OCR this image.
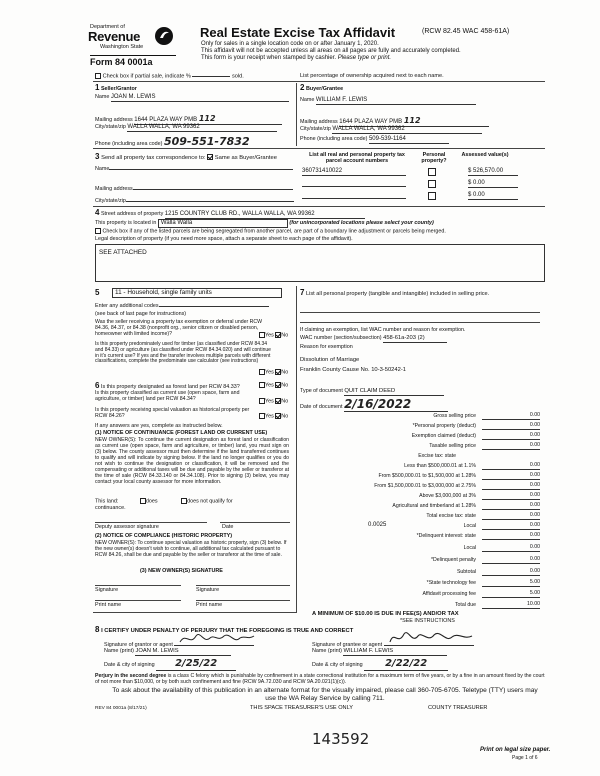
Department of
Revenue
Washington State
Form 84 0001a
Real Estate Excise Tax Affidavit	(RCW 82.45 WAC 458-61A)
Only for sales in a single location code on or after January 1, 2020.
This affidavit will not be accepted unless all areas on all pages are fully and accurately completed.
This form is your receipt when stamped by cashier. Please type or print.
Check box if partial sale, indicate %	sold.	List percentage of ownership acquired next to each name.
1 Seller/Grantor
Name JOAN M. LEWIS
Mailing address 1644 PLAZA WAY PMB 112
City/state/zip WALLA WALLA, WA 99362
Phone (including area code) 509-551-7832
2 Buyer/Grantee
Name WILLIAM F. LEWIS
Mailing address 1644 PLAZA WAY PMB 112
City/state/zip WALLA WALLA, WA 99362
Phone (including area code) 509-539-1164
3 Send all property tax correspondence to: Same as Buyer/Grantee
Name
Mailing address
City/state/zip
List all real and personal property tax parcel account numbers
Personal property?
Assessed value(s)
360731410022	$ 526,570.00
$ 0.00
$ 0.00
4 Street address of property 1215 COUNTRY CLUB RD., WALLA WALLA, WA 99362
This property is located in Walla Walla	(for unincorporated locations please select your county)
Check box if any of the listed parcels are being segregated from another parcel, are part of a boundary line adjustment or parcels being merged.
Legal description of property (if you need more space, attach a separate sheet to each page of the affidavit).
SEE ATTACHED
5	11 - Household, single family units
Enter any additional codes
(see back of last page for instructions)
Was the seller receiving a property tax exemption or deferral under RCW 84.36, 84.37, or 84.38 (nonprofit org., senior citizen or disabled person, homeowner with limited income)?	Yes No
Is this property predominately used for timber (as classified under RCW 84.34 and 84.33) or agriculture (as classified under RCW 84.34.020) and will continue in it's current use? If yes and the transfer involves multiple parcels with different classifications, complete the predominate use calculator (see instructions)
Yes No
6 Is this property designated as forest land per RCW 84.33?	Yes No
Is this property classified as current use (open space, farm and agriculture, or timber) land per RCW 84.34?	Yes No
Is this property receiving special valuation as historical property per RCW 84.26?	Yes No
If any answers are yes, complete as instructed below.
(1) NOTICE OF CONTINUANCE (FOREST LAND OR CURRENT USE)
NEW OWNER(S): To continue the current designation as forest land or classification as current use (open space, farm and agriculture, or timber) land, you must sign on (3) below. The county assessor must then determine if the land transferred continues to qualify and will indicate by signing below. If the land no longer qualifies or you do not wish to continue the designation or classification, it will be removed and the compensating or additional taxes will be due and payable by the seller or transferor at the time of sale (RCW 84.33.140 or 84.34.108). Prior to signing (3) below, you may contact your local county assessor for more information.
This land:	does	does not qualify for
continuance.
Deputy assessor signature	Date
(2) NOTICE OF COMPLIANCE (HISTORIC PROPERTY)
NEW OWNER(S): To continue special valuation as historic property, sign (3) below. If the new owner(s) doesn't wish to continue, all additional tax calculated pursuant to RCW 84.26, shall be due and payable by the seller or transferor at the time of sale.
(3) NEW OWNER(S) SIGNATURE
Signature	Signature
Print name	Print name
7 List all personal property (tangible and intangible) included in selling price.
If claiming an exemption, list WAC number and reason for exemption.
WAC number (section/subsection) 458-61a-203 (2)
Reason for exemption
Dissolution of Marriage
Franklin County Cause No. 10-3-50242-1
Type of document QUIT CLAIM DEED
Date of document 2/16/2022
Gross selling price	0.00
*Personal property (deduct)	0.00
Exemption claimed (deduct)	0.00
Taxable selling price	0.00
Excise tax: state
Less than $500,000.01 at 1.1%	0.00
From $500,000.01 to $1,500,000 at 1.28%	0.00
From $1,500,000.01 to $3,000,000 at 2.75%	0.00
Above $3,000,000 at 3%	0.00
Agricultural and timberland at 1.28%	0.00
Total excise tax: state	0.00
0.0025	Local	0.00
*Delinquent interest: state	0.00
Local	0.00
*Delinquent penalty	0.00
Subtotal	0.00
*State technology fee	5.00
Affidavit processing fee	5.00
Total due	10.00
A MINIMUM OF $10.00 IS DUE IN FEE(S) AND/OR TAX
*SEE INSTRUCTIONS
8 I CERTIFY UNDER PENALTY OF PERJURY THAT THE FOREGOING IS TRUE AND CORRECT
Signature of grantor or agent	Signature of grantee or agent
Name (print) JOAN M. LEWIS	Name (print) WILLIAM F. LEWIS
Date & city of signing 2/25/22	Date & city of signing 2/22/22
Perjury in the second degree is a class C felony which is punishable by confinement in a state correctional institution for a maximum term of five years, or by a fine in an amount fixed by the court of not more than $10,000, or by both such confinement and fine (RCW 9A.72.030 and RCW 9A.20.021(1)(c)).
To ask about the availability of this publication in an alternate format for the visually impaired, please call 360-705-6705. Teletype (TTY) users may use the WA Relay Service by calling 711.
REV 84 0001a (8/17/21)	THIS SPACE TREASURER'S USE ONLY	COUNTY TREASURER
143592
Print on legal size paper.
Page 1 of 6
